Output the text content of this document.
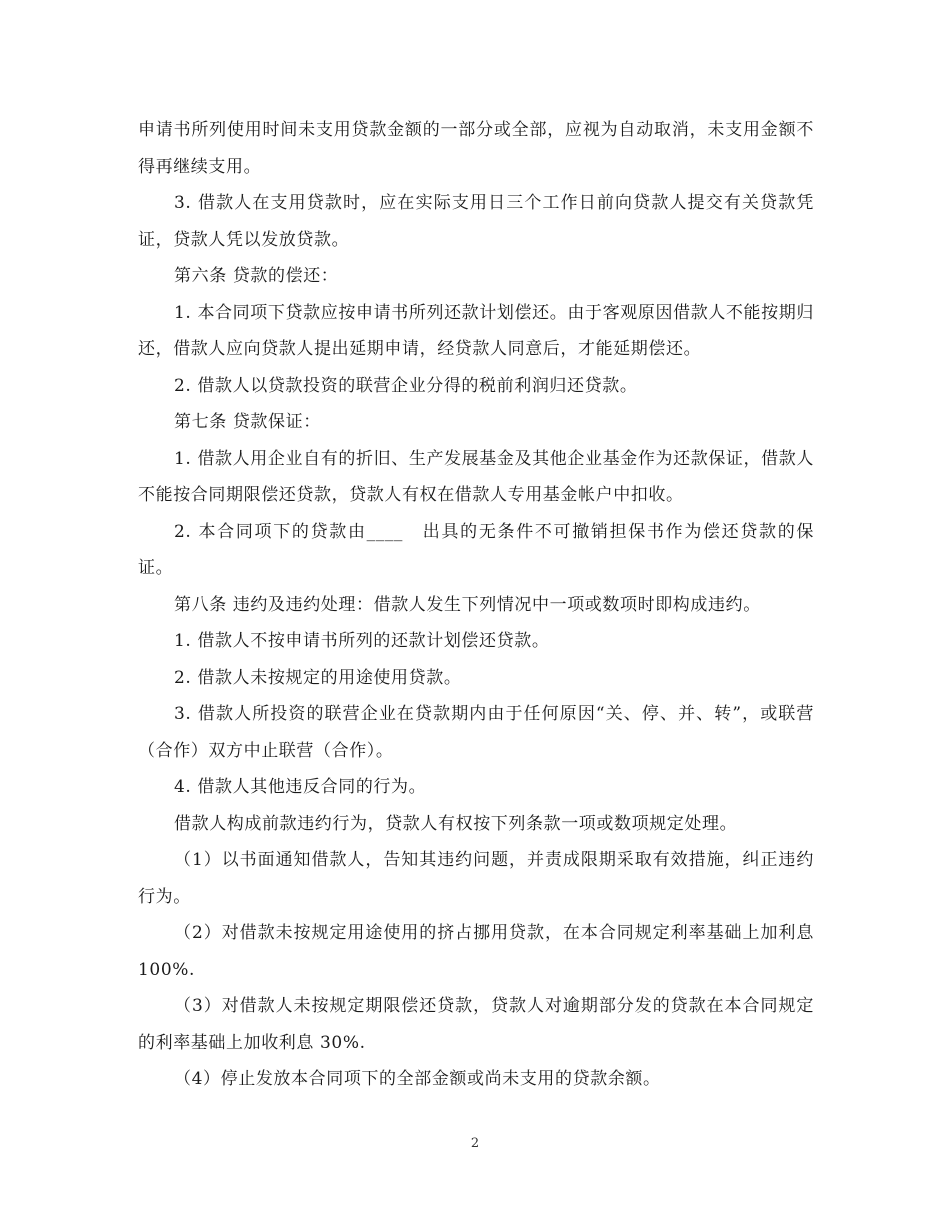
申请书所列使用时间未支用贷款金额的一部分或全部，应视为自动取消，未支用金额不得再继续支用。

3. 借款人在支用贷款时，应在实际支用日三个工作日前向贷款人提交有关贷款凭证，贷款人凭以发放贷款。

第六条 贷款的偿还：

1. 本合同项下贷款应按申请书所列还款计划偿还。由于客观原因借款人不能按期归还，借款人应向贷款人提出延期申请，经贷款人同意后，才能延期偿还。

2. 借款人以贷款投资的联营企业分得的税前利润归还贷款。

第七条 贷款保证：

1. 借款人用企业自有的折旧、生产发展基金及其他企业基金作为还款保证，借款人不能按合同期限偿还贷款，贷款人有权在借款人专用基金帐户中扣收。

2. 本合同项下的贷款由____　出具的无条件不可撤销担保书作为偿还贷款的保证。

第八条 违约及违约处理：借款人发生下列情况中一项或数项时即构成违约。

1. 借款人不按申请书所列的还款计划偿还贷款。

2. 借款人未按规定的用途使用贷款。

3. 借款人所投资的联营企业在贷款期内由于任何原因“关、停、并、转”，或联营（合作）双方中止联营（合作）。

4. 借款人其他违反合同的行为。

借款人构成前款违约行为，贷款人有权按下列条款一项或数项规定处理。

（1）以书面通知借款人，告知其违约问题，并责成限期采取有效措施，纠正违约行为。

（2）对借款未按规定用途使用的挤占挪用贷款，在本合同规定利率基础上加利息 100%.

（3）对借款人未按规定期限偿还贷款，贷款人对逾期部分发的贷款在本合同规定的利率基础上加收利息 30%.

（4）停止发放本合同项下的全部金额或尚未支用的贷款余额。

2
